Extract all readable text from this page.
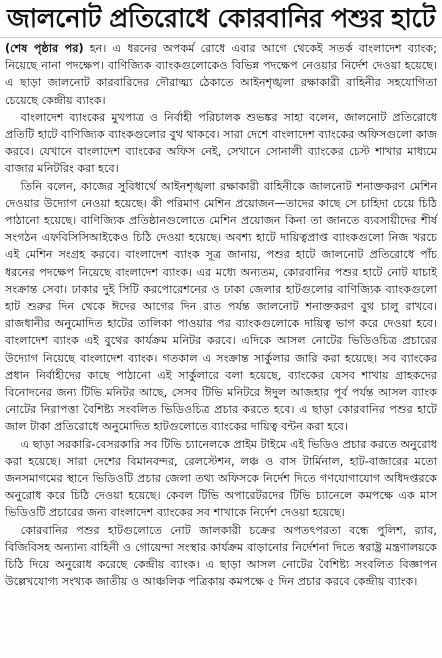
জালনোট প্রতিরোধে কোরবানির পশুর হাটে

(শেষ পৃষ্ঠার পর) হন। এ ধরনের অপকর্ম রোধে এবার আগে থেকেই সতর্ক বাংলাদেশ ব্যাংক; নিয়েছে নানা পদক্ষেপ। বাণিজ্যিক ব্যাংকগুলোকেও বিভিন্ন পদক্ষেপ নেওয়ার নির্দেশ দেওয়া হয়েছে। এ ছাড়া জালনোট কারবারিদের দৌরাত্ম্য ঠেকাতে আইনশৃঙ্খলা রক্ষাকারী বাহিনীর সহযোগিতা চেয়েছে কেন্দ্রীয় ব্যাংক।

বাংলাদেশ ব্যাংকের মুখপাত্র ও নির্বাহী পরিচালক শুভঙ্কর সাহা বলেন, জালনোট প্রতিরোধে প্রতিটি হাটে বাণিজ্যিক ব্যাংকগুলোর বুথ থাকবে। সারা দেশে বাংলাদেশ ব্যাংকের অফিসগুলো কাজ করবে। যেখানে বাংলাদেশ ব্যাংকের অফিস নেই, সেখানে সোনালী ব্যাংকের চেস্ট শাখার মাধ্যমে বাজার মনিটরিং করা হবে।

তিনি বলেন, কাজের সুবিধার্থে আইনশৃঙ্খলা রক্ষাকারী বাহিনীকে জালনোট শনাক্তকরণ মেশিন দেওয়ার উদ্যোগ নেওয়া হয়েছে। কী পরিমাণ মেশিন প্রয়োজন—তাদের কাছে সে চাহিদা চেয়ে চিঠি পাঠানো হয়েছে। বাণিজ্যিক প্রতিষ্ঠানগুলোতে মেশিন প্রয়োজন কিনা তা জানতে ব্যবসায়ীদের শীর্ষ সংগঠন এফবিসিসিআইকেও চিঠি দেওয়া হয়েছে। অবশ্য হাটে দায়িত্বপ্রাপ্ত ব্যাংকগুলো নিজ খরচে এই মেশিন সংগ্রহ করবে। বাংলাদেশ ব্যাংক সূত্র জানায়, পশুর হাটে জালনোট প্রতিরোধে পাঁচ ধরনের পদক্ষেপ নিয়েছে বাংলাদেশ ব্যাংক। এর মধ্যে অন্যতম, কোরবানির পশুর হাটে নোট যাচাই সংক্রান্ত সেবা। ঢাকার দুই সিটি করপোরেশনের ও ঢাকা জেলার হাটগুলোর বাণিজ্যিক ব্যাংকগুলো হাট শুরুর দিন থেকে ঈদের আগের দিন রাত পর্যন্ত জালনোট শনাক্তকরণ বুথ চালু রাখবে। রাজধানীর অনুমোদিত হাটের তালিকা পাওয়ার পর ব্যাংকগুলোকে দায়িত্ব ভাগ করে দেওয়া হবে। বাংলাদেশ ব্যাংক এই বুথের কার্যক্রম মনিটর করবে। এদিকে আসল নোটের ভিডিওচিত্র প্রচারের উদ্যোগ নিয়েছে বাংলাদেশ ব্যাংক। গতকাল এ সংক্রান্ত সার্কুলার জারি করা হয়েছে। সব ব্যাংকের প্রধান নির্বাহীদের কাছে পাঠানো এই সার্কুলারে বলা হয়েছে, ব্যাংকের যেসব শাখায় গ্রাহকদের বিনোদনের জন্য টিভি মনিটর আছে, সেসব টিভি মনিটরে ঈদুল আজহার পূর্ব পর্যন্ত আসল ব্যাংক নোটের নিরাপত্তা বৈশিষ্ট্য সংবলিত ভিডিওচিত্র প্রচার করতে হবে। এ ছাড়া কোরবানির পশুর হাটে জাল টাকা প্রতিরোধে অনুমোদিত হাটগুলোতে ব্যাংকের দায়িত্ব বন্টন করা হবে।

এ ছাড়া সরকারি-বেসরকারি সব টিভি চ্যানেলকে প্রাইম টাইমে এই ভিডিও প্রচার করতে অনুরোধ করা হয়েছে। সারা দেশের বিমানবন্দর, রেলস্টেশন, লঞ্চ ও বাস টার্মিনাল, হাট-বাজারের মতো জনসমাগমের স্থানে ভিডিওটি প্রচার জেলা তথ্য অফিসকে নির্দেশ দিতে গণযোগাযোগ অধিদপ্তরকে অনুরোধ করে চিঠি দেওয়া হয়েছে। কেবল টিভি অপারেটরদের টিভি চ্যানেলে কমপক্ষে এক মাস ভিডিওটি প্রচারের জন্য বাংলাদেশ ব্যাংকের সব শাখাকে নির্দেশ দেওয়া হয়েছে।

কোরবানির পশুর হাটগুলোতে নোট জালকারী চক্রের অপতৎপরতা বন্ধে পুলিশ, র‍্যাব, বিজিবিসহ অন্যান্য বাহিনী ও গোয়েন্দা সংস্থার কার্যক্রম বাড়ানোর নির্দেশনা দিতে স্বরাষ্ট্র মন্ত্রণালয়কে চিঠি দিয়ে অনুরোধ করেছে কেন্দ্রীয় ব্যাংক। এ ছাড়া আসল নোটের বৈশিষ্ট্য সংবলিত বিজ্ঞাপন উল্লেখযোগ্য সংখ্যক জাতীয় ও আঞ্চলিক পত্রিকায় কমপক্ষে ৫ দিন প্রচার করবে কেন্দ্রীয় ব্যাংক।
